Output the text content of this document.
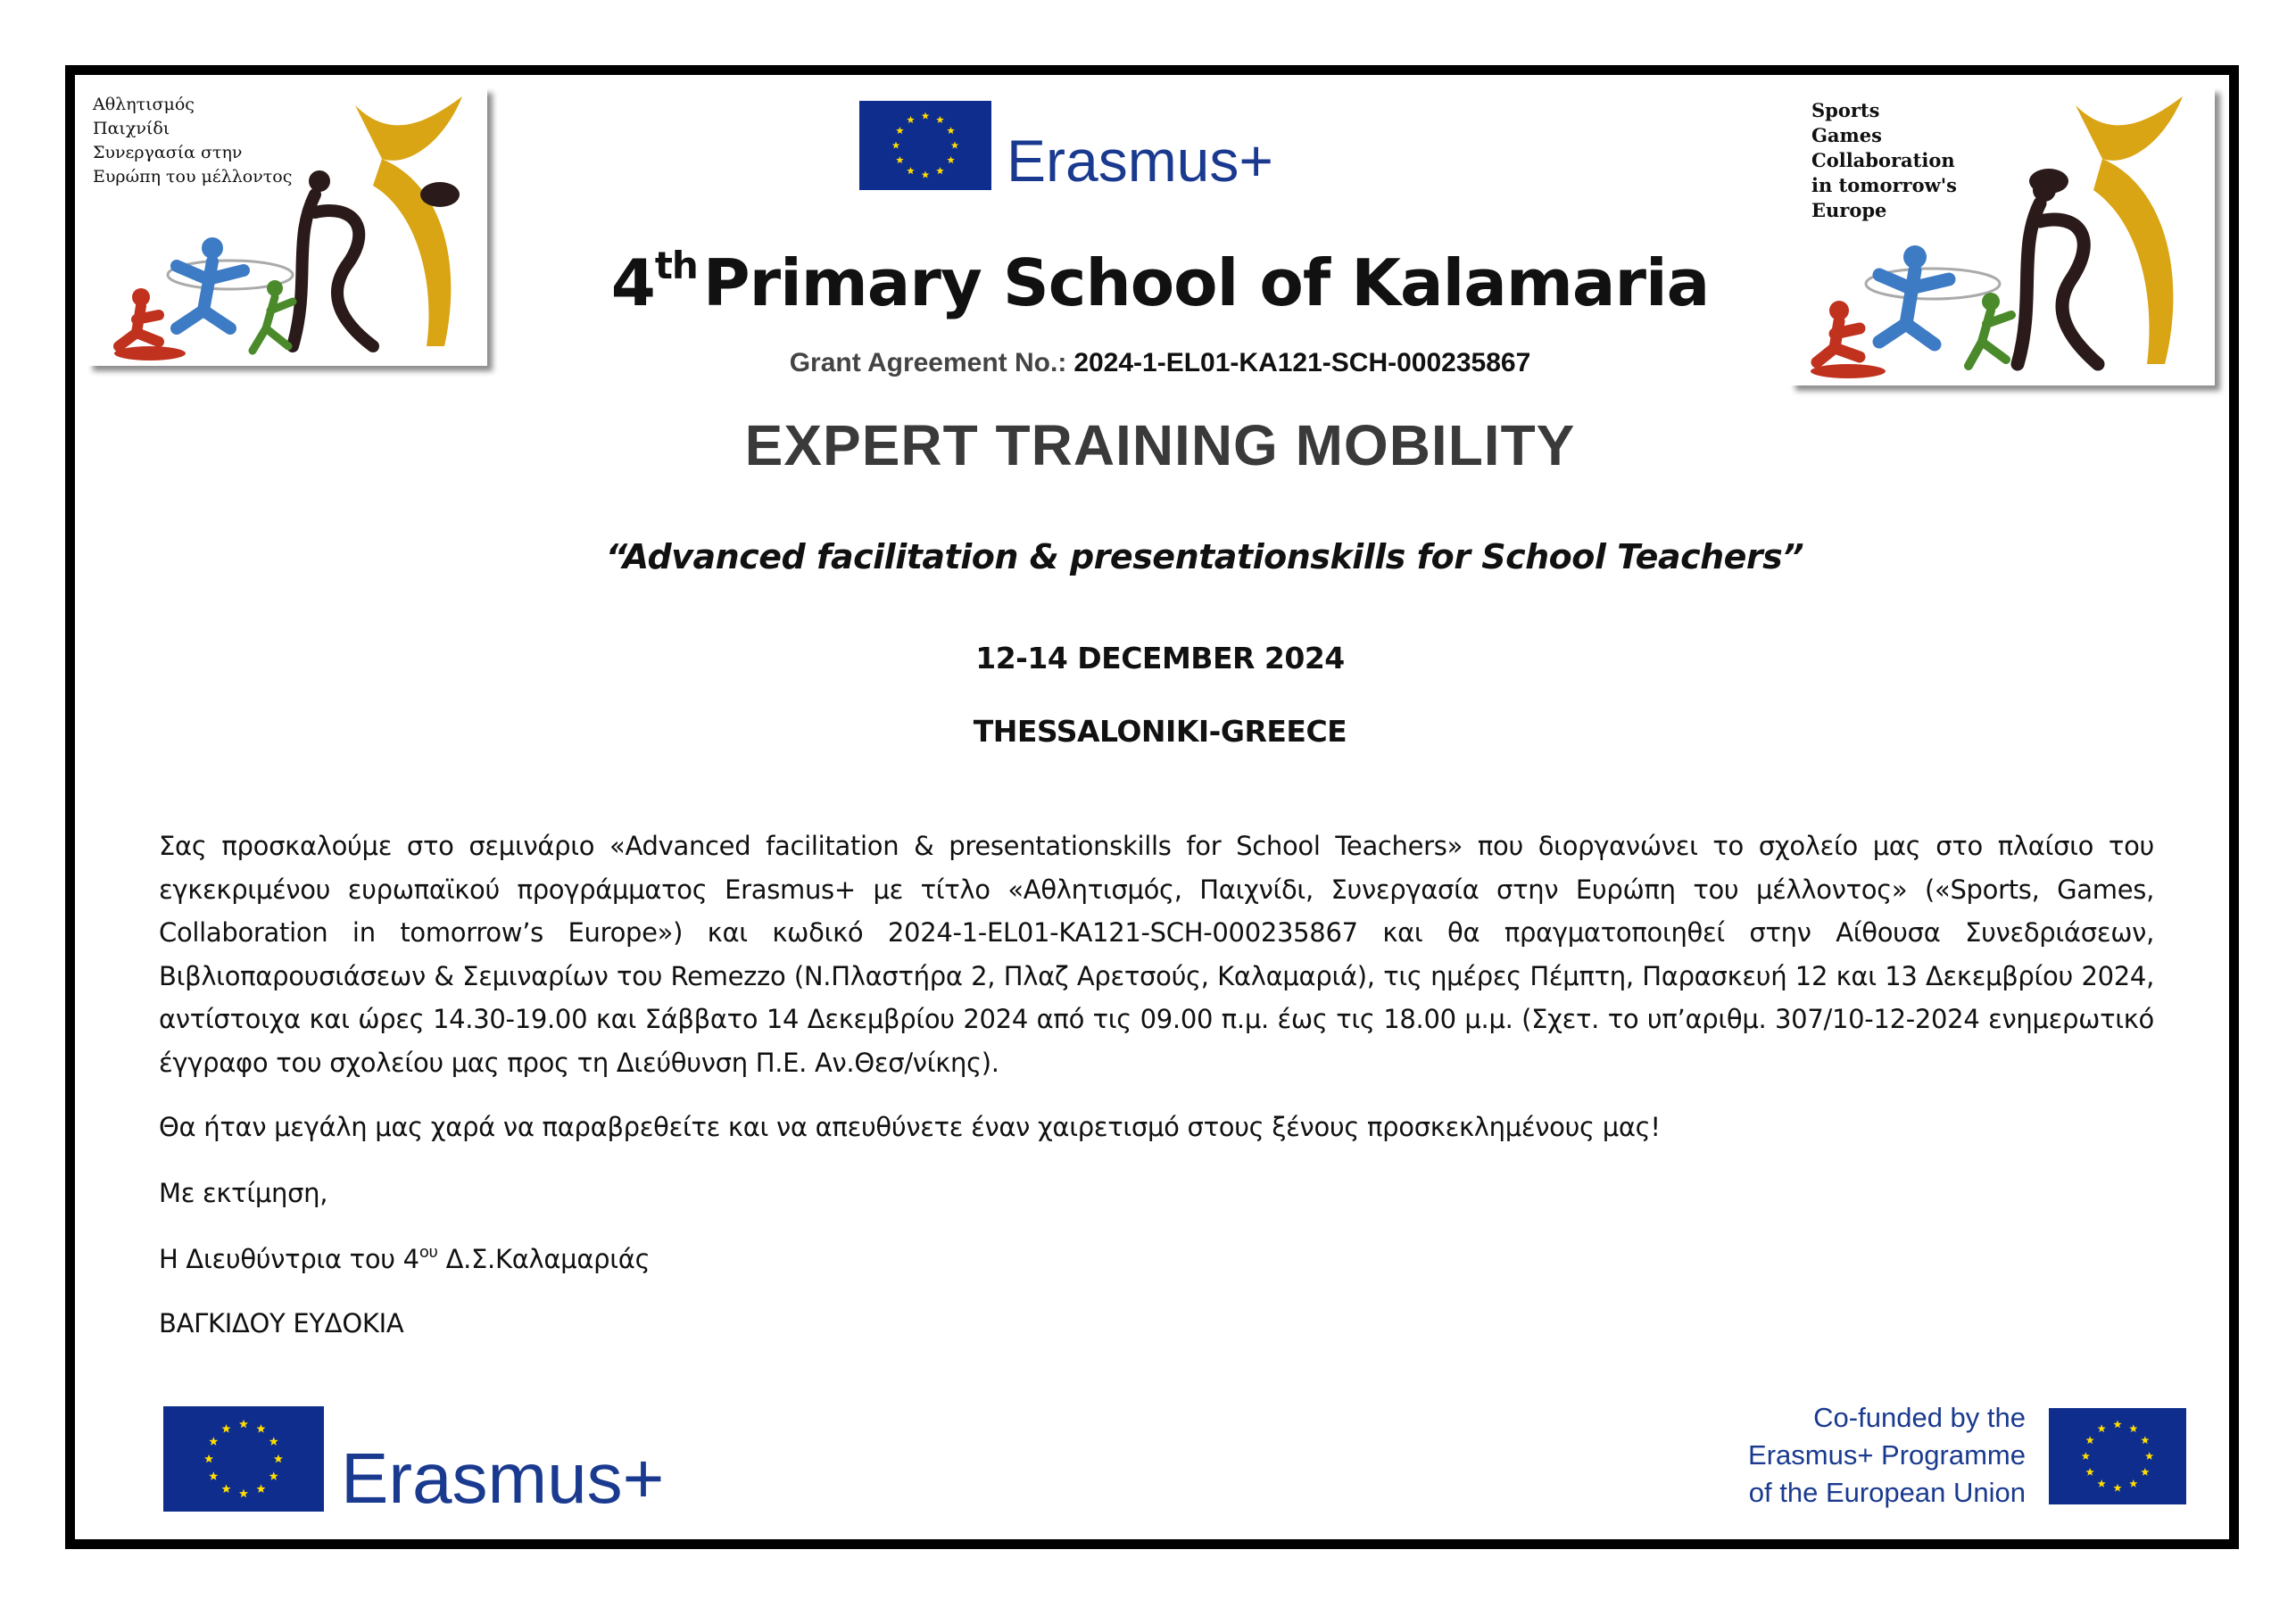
Αθλητισμός
Παιχνίδι
Συνεργασία στην
Ευρώπη του μέλλοντος
Sports
Games
Collaboration
in tomorrow's
Europe
Erasmus+
4thPrimary School of Kalamaria
Grant Agreement No.: 2024-1-EL01-KA121-SCH-000235867
EXPERT TRAINING MOBILITY
“Advanced facilitation & presentationskills for School Teachers”
12-14 DECEMBER 2024
THESSALONIKI-GREECE
Σας προσκαλούμε στο σεμινάριο «Advanced facilitation & presentationskills for School Teachers» που διοργανώνει το σχολείο μας στο πλαίσιο του εγκεκριμένου ευρωπαϊκού προγράμματος Erasmus+ με τίτλο «Αθλητισμός, Παιχνίδι, Συνεργασία στην Ευρώπη του μέλλοντος» («Sports, Games, Collaboration in tomorrow’s Europe») και κωδικό 2024-1-EL01-KA121-SCH-000235867 και θα πραγματοποιηθεί στην Αίθουσα Συνεδριάσεων, Βιβλιοπαρουσιάσεων & Σεμιναρίων του Remezzo (Ν.Πλαστήρα 2, Πλαζ Αρετσούς, Καλαμαριά), τις ημέρες Πέμπτη, Παρασκευή 12 και 13 Δεκεμβρίου 2024, αντίστοιχα και ώρες 14.30-19.00 και Σάββατο 14 Δεκεμβρίου 2024 από τις 09.00 π.μ. έως τις 18.00 μ.μ. (Σχετ. το υπ’αριθμ. 307/10-12-2024 ενημερωτικό έγγραφο του σχολείου μας προς τη Διεύθυνση Π.Ε. Αν.Θεσ/νίκης).
Θα ήταν μεγάλη μας χαρά να παραβρεθείτε και να απευθύνετε έναν χαιρετισμό στους ξένους προσκεκλημένους μας!
Με εκτίμηση,
Η Διευθύντρια του $4^{o\upsilon}$ Δ.Σ.Καλαμαριάς
ΒΑΓΚΙΔΟΥ ΕΥΔΟΚΙΑ
Erasmus+
Co-funded by the
Erasmus+ Programme
of the European Union
